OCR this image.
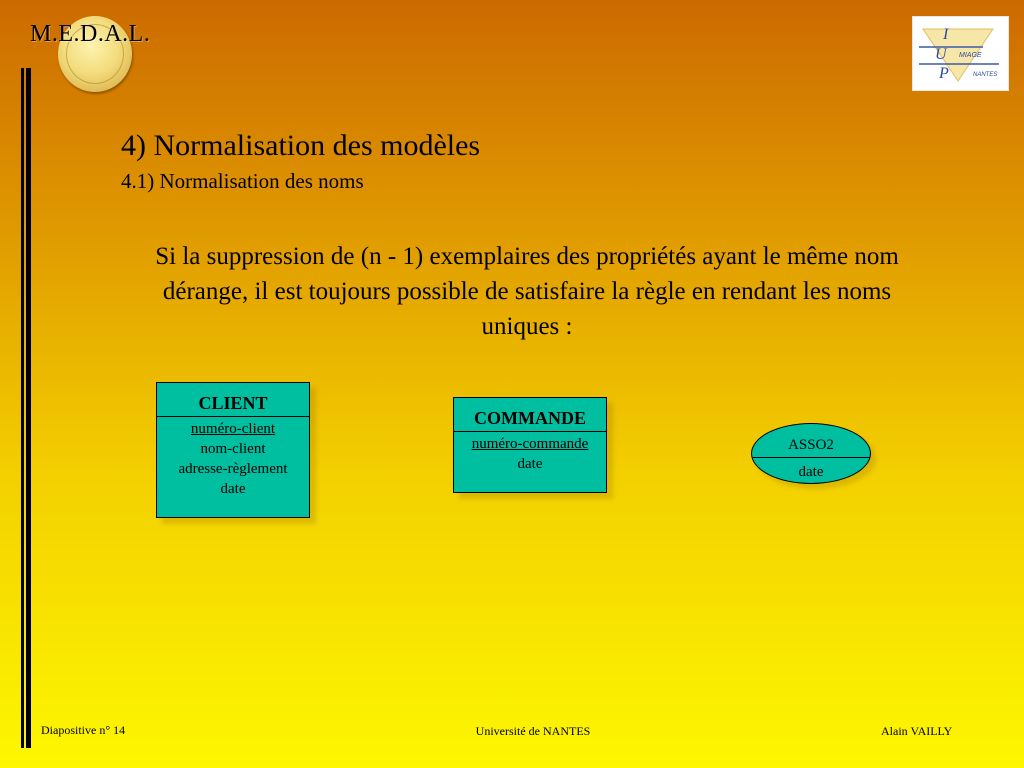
M.E.D.A.L.	I
U
P
MIAGE
NANTES
4) Normalisation des modèles
4.1) Normalisation des noms
Si la suppression de (n - 1) exemplaires des propriétés ayant le même nom dérange, il est toujours possible de satisfaire la règle en rendant les noms uniques :
CLIENT
numéro-client
nom-client
adresse-règlement
date
COMMANDE
numéro-commande
date
ASSO2
date
Diapositive n° 14	Université de NANTES	Alain VAILLY
